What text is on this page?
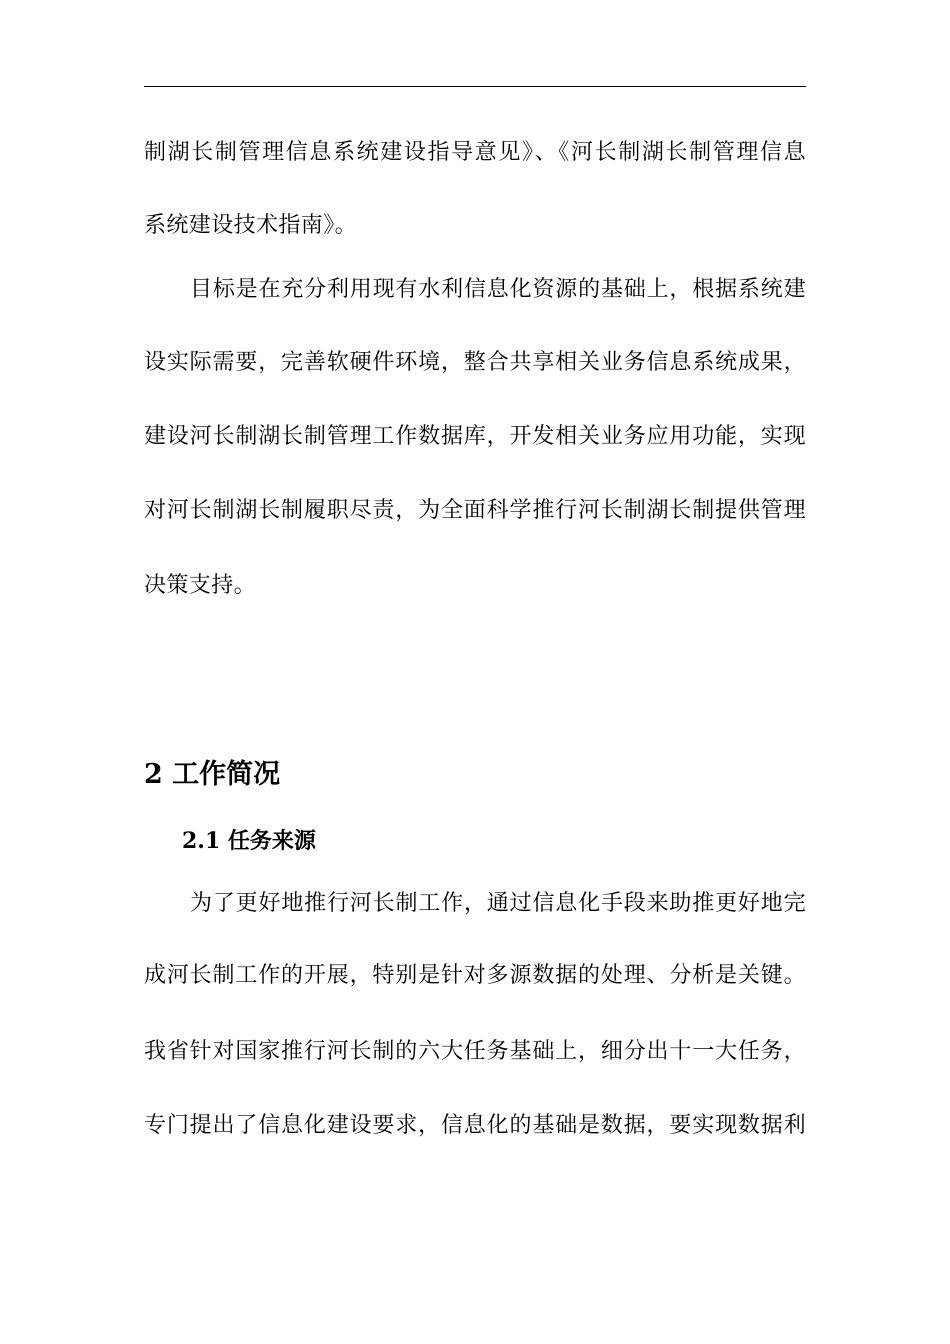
制湖长制管理信息系统建设指导意见》、《河长制湖长制管理信息
系统建设技术指南》。
目标是在充分利用现有水利信息化资源的基础上，根据系统建
设实际需要，完善软硬件环境，整合共享相关业务信息系统成果，
建设河长制湖长制管理工作数据库，开发相关业务应用功能，实现
对河长制湖长制履职尽责，为全面科学推行河长制湖长制提供管理
决策支持。
2 工作简况
2.1 任务来源
为了更好地推行河长制工作，通过信息化手段来助推更好地完
成河长制工作的开展，特别是针对多源数据的处理、分析是关键。
我省针对国家推行河长制的六大任务基础上，细分出十一大任务，
专门提出了信息化建设要求，信息化的基础是数据，要实现数据利
